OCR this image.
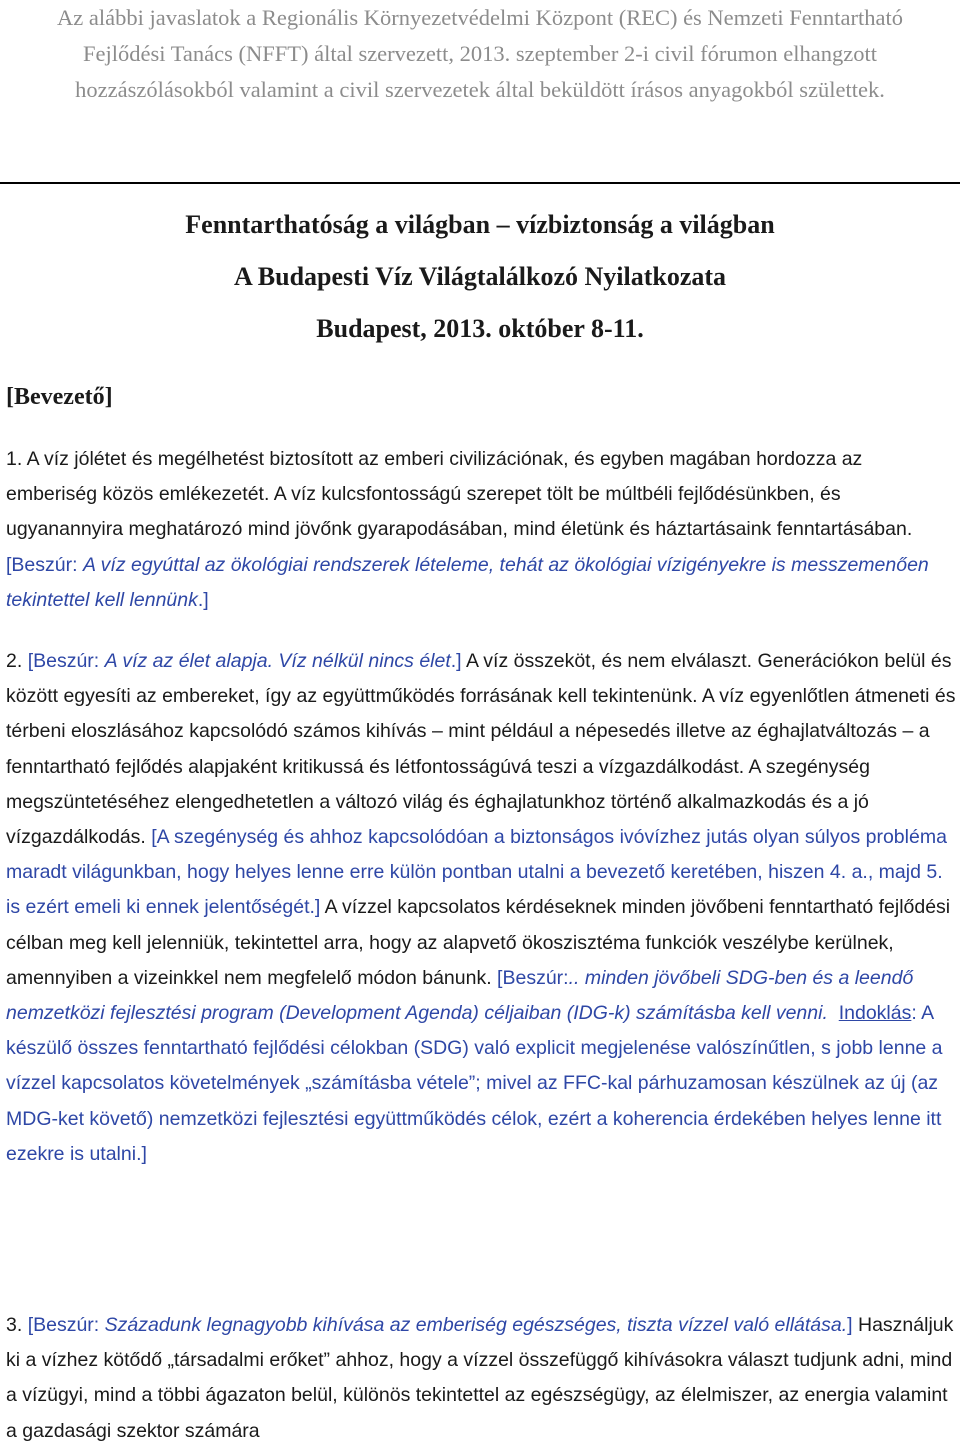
Az alábbi javaslatok a Regionális Környezetvédelmi Központ (REC) és Nemzeti Fenntartható Fejlődési Tanács (NFFT) által szervezett, 2013. szeptember 2-i civil fórumon elhangzott hozzászólásokból valamint a civil szervezetek által beküldött írásos anyagokból születtek.
Fenntarthatóság a világban – vízbiztonság a világban
A Budapesti Víz Világtalálkozó Nyilatkozata
Budapest, 2013. október 8-11.
[Bevezető]
1. A víz jólétet és megélhetést biztosított az emberi civilizációnak, és egyben magában hordozza az emberiség közös emlékezetét. A víz kulcsfontosságú szerepet tölt be múltbéli fejlődésünkben, és ugyanannyira meghatározó mind jövőnk gyarapodásában, mind életünk és háztartásaink fenntartásában. [Beszúr: A víz egyúttal az ökológiai rendszerek lételeme, tehát az ökológiai vízigényekre is messzemenően tekintettel kell lennünk.]
2. [Beszúr: A víz az élet alapja. Víz nélkül nincs élet.] A víz összeköt, és nem elválaszt. Generációkon belül és között egyesíti az embereket, így az együttműködés forrásának kell tekintenünk. A víz egyenlőtlen átmeneti és térbeni eloszlásához kapcsolódó számos kihívás – mint például a népesedés illetve az éghajlatváltozás – a fenntartható fejlődés alapjaként kritikussá és létfontosságúvá teszi a vízgazdálkodást. A szegénység megszüntetéséhez elengedhetetlen a változó világ és éghajlatunkhoz történő alkalmazkodás és a jó vízgazdálkodás. [A szegénység és ahhoz kapcsolódóan a biztonságos ivóvízhez jutás olyan súlyos probléma maradt világunkban, hogy helyes lenne erre külön pontban utalni a bevezető keretében, hiszen 4. a., majd 5. is ezért emeli ki ennek jelentőségét.] A vízzel kapcsolatos kérdéseknek minden jövőbeni fenntartható fejlődési célban meg kell jelenniük, tekintettel arra, hogy az alapvető ökoszisztéma funkciók veszélybe kerülnek, amennyiben a vizeinkkel nem megfelelő módon bánunk. [Beszúr:.. minden jövőbeli SDG-ben és a leendő nemzetközi fejlesztési program (Development Agenda) céljaiban (IDG-k) számításba kell venni. Indoklás: A készülő összes fenntartható fejlődési célokban (SDG) való explicit megjelenése valószínűtlen, s jobb lenne a vízzel kapcsolatos követelmények „számításba vétele”; mivel az FFC-kal párhuzamosan készülnek az új (az MDG-ket követő) nemzetközi fejlesztési együttműködés célok, ezért a koherencia érdekében helyes lenne itt ezekre is utalni.]
3. [Beszúr: Századunk legnagyobb kihívása az emberiség egészséges, tiszta vízzel való ellátása.] Használjuk ki a vízhez kötődő „társadalmi erőket” ahhoz, hogy a vízzel összefüggő kihívásokra választ tudjunk adni, mind a vízügyi, mind a többi ágazaton belül, különös tekintettel az egészségügy, az élelmiszer, az energia valamint a gazdasági szektor számára
